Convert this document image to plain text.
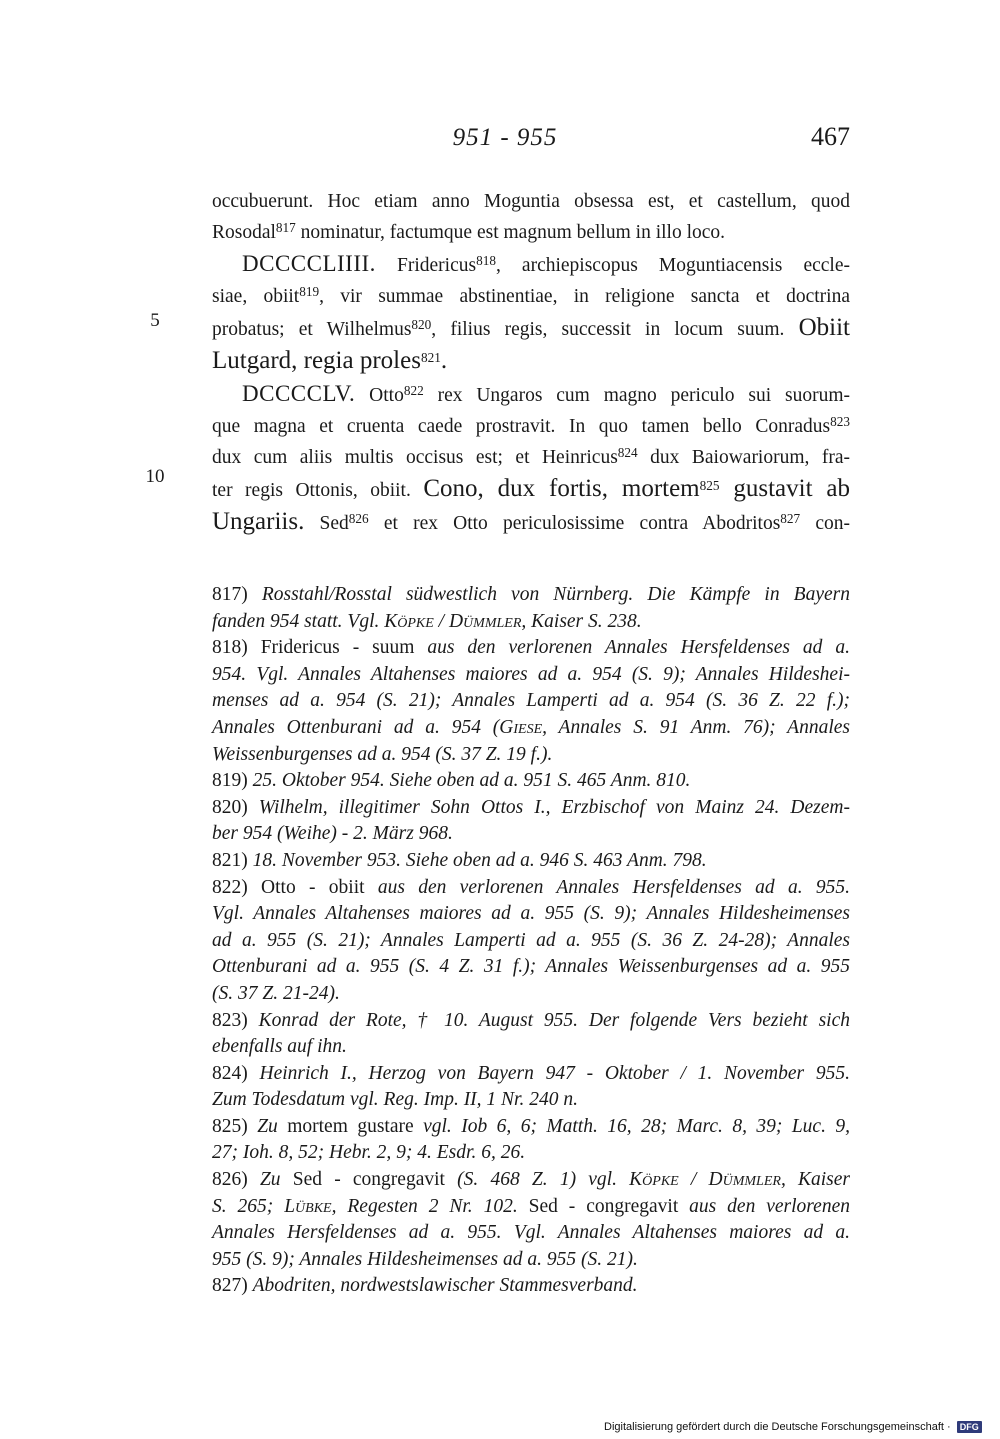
951 - 955	467
5
10
occubuerunt. Hoc etiam anno Moguntia obsessa est, et castellum, quod
Rosodal$^{817}$ nominatur, factumque est magnum bellum in illo loco.
DCCCCLIIII. Fridericus$^{818}$, archiepiscopus Moguntiacensis eccle-
siae, obiit$^{819}$, vir summae abstinentiae, in religione sancta et doctrina
probatus; et Wilhelmus$^{820}$, filius regis, successit in locum suum. Obiit
Lutgard, regia proles$^{821}$.
DCCCCLV. Otto$^{822}$ rex Ungaros cum magno periculo sui suorum-
que magna et cruenta caede prostravit. In quo tamen bello Conradus$^{823}$
dux cum aliis multis occisus est; et Heinricus$^{824}$ dux Baiowariorum, fra-
ter regis Ottonis, obiit. Cono, dux fortis, mortem$^{825}$ gustavit ab
Ungariis. Sed$^{826}$ et rex Otto periculosissime contra Abodritos$^{827}$ con-
817) Rosstahl/Rosstal südwestlich von Nürnberg. Die Kämpfe in Bayern
fanden 954 statt. Vgl. Köpke / Dümmler, Kaiser S. 238.
818) Fridericus - suum aus den verlorenen Annales Hersfeldenses ad a.
954. Vgl. Annales Altahenses maiores ad a. 954 (S. 9); Annales Hildeshei-
menses ad a. 954 (S. 21); Annales Lamperti ad a. 954 (S. 36 Z. 22 f.);
Annales Ottenburani ad a. 954 (Giese, Annales S. 91 Anm. 76); Annales
Weissenburgenses ad a. 954 (S. 37 Z. 19 f.).
819) 25. Oktober 954. Siehe oben ad a. 951 S. 465 Anm. 810.
820) Wilhelm, illegitimer Sohn Ottos I., Erzbischof von Mainz 24. Dezem-
ber 954 (Weihe) - 2. März 968.
821) 18. November 953. Siehe oben ad a. 946 S. 463 Anm. 798.
822) Otto - obiit aus den verlorenen Annales Hersfeldenses ad a. 955.
Vgl. Annales Altahenses maiores ad a. 955 (S. 9); Annales Hildesheimenses
ad a. 955 (S. 21); Annales Lamperti ad a. 955 (S. 36 Z. 24-28); Annales
Ottenburani ad a. 955 (S. 4 Z. 31 f.); Annales Weissenburgenses ad a. 955
(S. 37 Z. 21-24).
823) Konrad der Rote, † 10. August 955. Der folgende Vers bezieht sich
ebenfalls auf ihn.
824) Heinrich I., Herzog von Bayern 947 - Oktober / 1. November 955.
Zum Todesdatum vgl. Reg. Imp. II, 1 Nr. 240 n.
825) Zu mortem gustare vgl. Iob 6, 6; Matth. 16, 28; Marc. 8, 39; Luc. 9,
27; Ioh. 8, 52; Hebr. 2, 9; 4. Esdr. 6, 26.
826) Zu Sed - congregavit (S. 468 Z. 1) vgl. Köpke / Dümmler, Kaiser
S. 265; Lübke, Regesten 2 Nr. 102. Sed - congregavit aus den verlorenen
Annales Hersfeldenses ad a. 955. Vgl. Annales Altahenses maiores ad a.
955 (S. 9); Annales Hildesheimenses ad a. 955 (S. 21).
827) Abodriten, nordwestslawischer Stammesverband.
Digitalisierung gefördert durch die Deutsche Forschungsgemeinschaft · DFG
